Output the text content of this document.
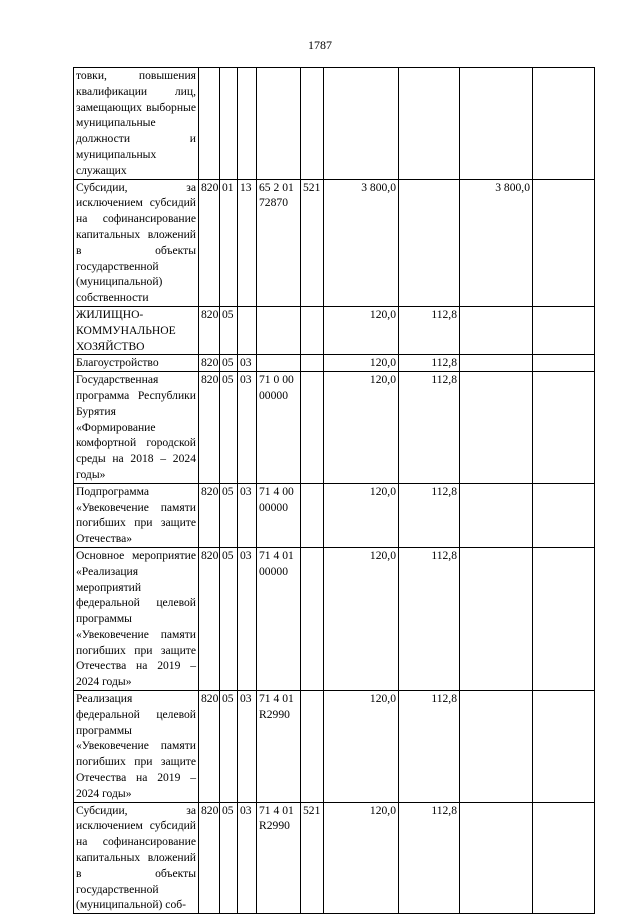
1787
товки, повышения квалификации лиц, замещающих выборные муниципальные должности и муниципальных служащих									
Субсидии, за исключением субсидий на софинансирование капитальных вложений в объекты государственной (муниципальной) собственности	820	01	13	65 2 01 72870	521	3 800,0		3 800,0	
ЖИЛИЩНО-КОММУНАЛЬНОЕ ХОЗЯЙСТВО	820	05				120,0	112,8		
Благоустройство	820	05	03			120,0	112,8		
Государственная программа Республики Бурятия «Формирование комфортной городской среды на 2018 – 2024 годы»	820	05	03	71 0 00 00000		120,0	112,8		
Подпрограмма «Увековечение памяти погибших при защите Отечества»	820	05	03	71 4 00 00000		120,0	112,8		
Основное мероприятие «Реализация мероприятий федеральной целевой программы «Увековечение памяти погибших при защите Отечества на 2019 – 2024 годы»	820	05	03	71 4 01 00000		120,0	112,8		
Реализация федеральной целевой программы «Увековечение памяти погибших при защите Отечества на 2019 – 2024 годы»	820	05	03	71 4 01 R2990		120,0	112,8		
Субсидии, за исключением субсидий на софинансирование капитальных вложений в объекты государственной (муниципальной) соб-	820	05	03	71 4 01 R2990	521	120,0	112,8		
